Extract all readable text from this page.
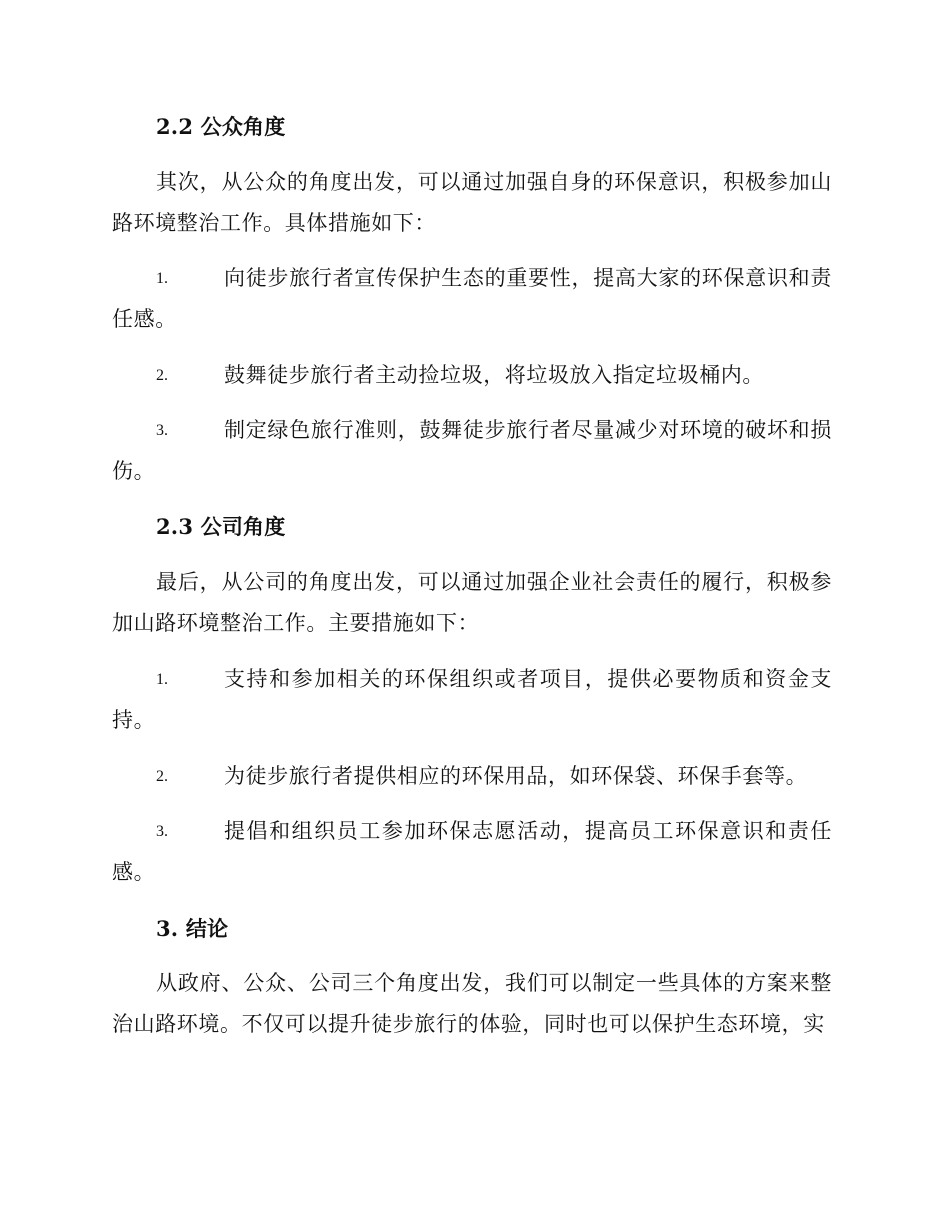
2.2 公众角度

其次，从公众的角度出发，可以通过加强自身的环保意识，积极参加山路环境整治工作。具体措施如下：

1.	向徒步旅行者宣传保护生态的重要性，提高大家的环保意识和责任感。
2.	鼓舞徒步旅行者主动捡垃圾，将垃圾放入指定垃圾桶内。
3.	制定绿色旅行准则，鼓舞徒步旅行者尽量减少对环境的破坏和损伤。
2.3 公司角度

最后，从公司的角度出发，可以通过加强企业社会责任的履行，积极参加山路环境整治工作。主要措施如下：

1.	支持和参加相关的环保组织或者项目，提供必要物质和资金支持。
2.	为徒步旅行者提供相应的环保用品，如环保袋、环保手套等。
3.	提倡和组织员工参加环保志愿活动，提高员工环保意识和责任感。
3. 结论

从政府、公众、公司三个角度出发，我们可以制定一些具体的方案来整治山路环境。不仅可以提升徒步旅行的体验，同时也可以保护生态环境，实
